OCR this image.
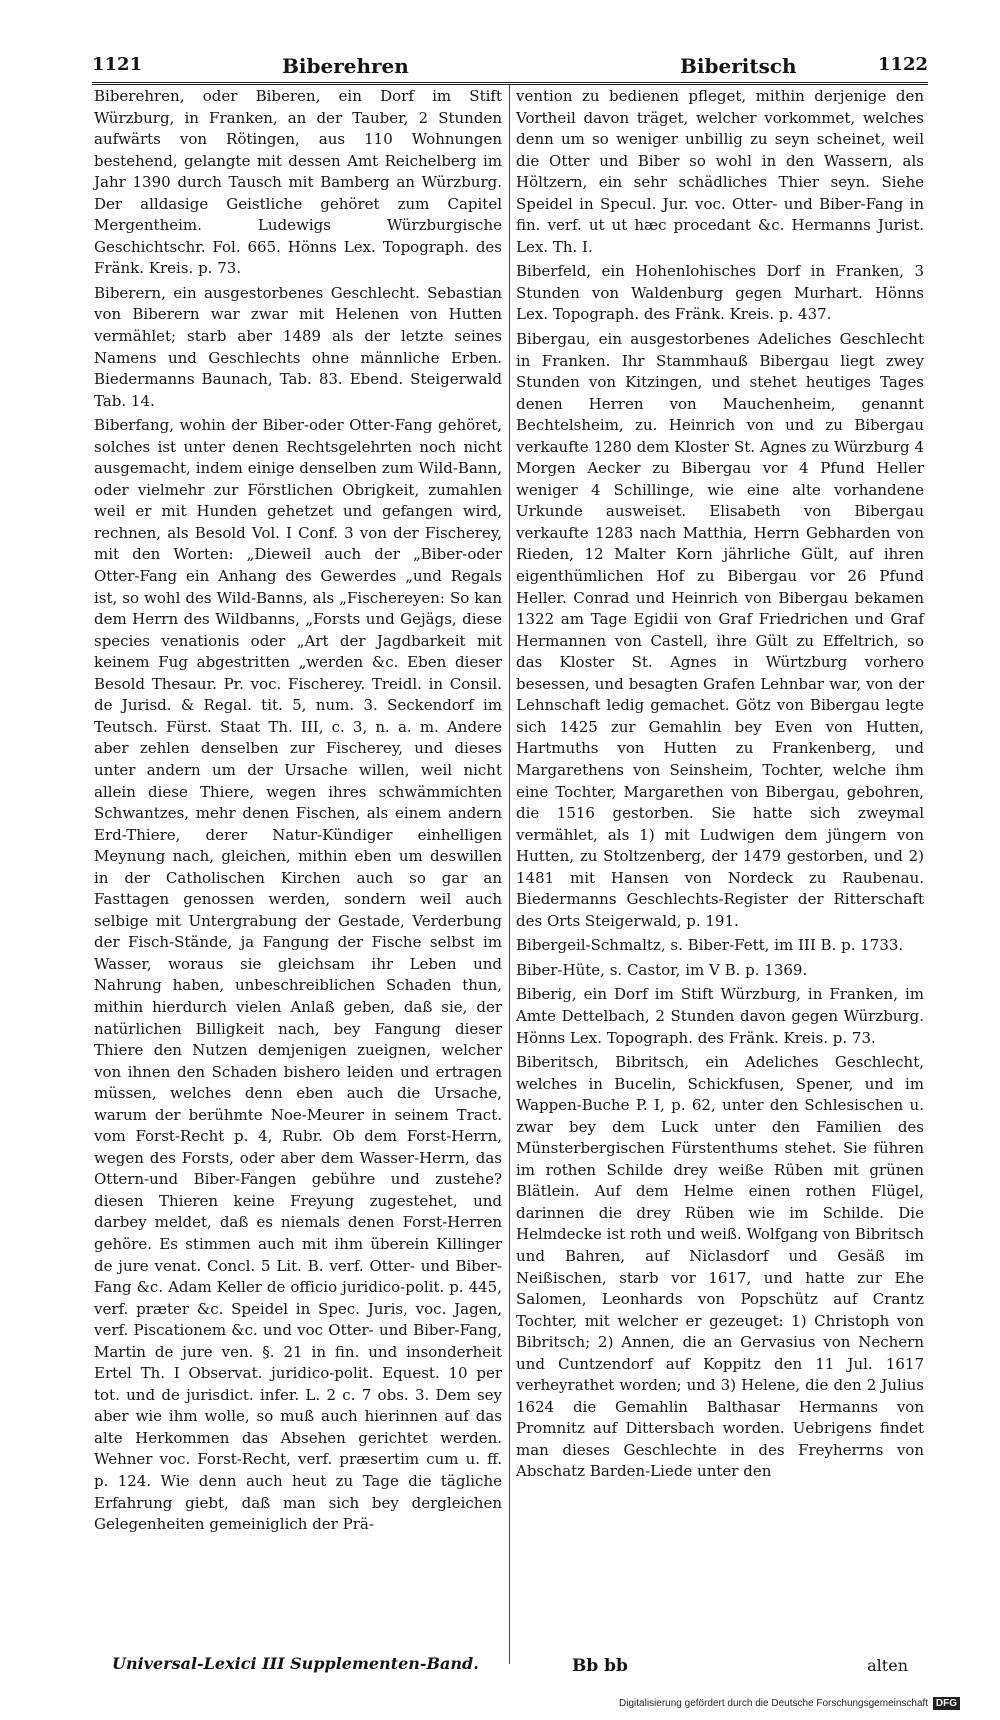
1121	Biberehren	Biberitsch	1122

Biberehren, oder Biberen, ein Dorf im Stift Würzburg, in Franken, an der Tauber, 2 Stunden aufwärts von Rötingen, aus 110 Wohnungen bestehend, gelangte mit dessen Amt Reichelberg im Jahr 1390 durch Tausch mit Bamberg an Würzburg. Der alldasige Geistliche gehöret zum Capitel Mergentheim. Ludewigs Würzburgische Geschichtschr. Fol. 665. Hönns Lex. Topograph. des Fränk. Kreis. p. 73.

Biberern, ein ausgestorbenes Geschlecht. Sebastian von Biberern war zwar mit Helenen von Hutten vermählet; starb aber 1489 als der letzte seines Namens und Geschlechts ohne männliche Erben. Biedermanns Baunach, Tab. 83. Ebend. Steigerwald Tab. 14.

Biberfang, wohin der Biber-oder Otter-Fang gehöret, solches ist unter denen Rechtsgelehrten noch nicht ausgemacht, indem einige denselben zum Wild-Bann, oder vielmehr zur Förstlichen Obrigkeit, zumahlen weil er mit Hunden gehetzet und gefangen wird, rechnen, als Besold Vol. I Conf. 3 von der Fischerey, mit den Worten: „Dieweil auch der „Biber-oder Otter-Fang ein Anhang des Gewerdes „und Regals ist, so wohl des Wild-Banns, als „Fischereyen: So kan dem Herrn des Wildbanns, „Forsts und Gejägs, diese species venationis oder „Art der Jagdbarkeit mit keinem Fug abgestritten „werden &c. Eben dieser Besold Thesaur. Pr. voc. Fischerey. Treidl. in Consil. de Jurisd. & Regal. tit. 5, num. 3. Seckendorf im Teutsch. Fürst. Staat Th. III, c. 3, n. a. m. Andere aber zehlen denselben zur Fischerey, und dieses unter andern um der Ursache willen, weil nicht allein diese Thiere, wegen ihres schwämmichten Schwantzes, mehr denen Fischen, als einem andern Erd-Thiere, derer Natur-Kündiger einhelligen Meynung nach, gleichen, mithin eben um deswillen in der Catholischen Kirchen auch so gar an Fasttagen genossen werden, sondern weil auch selbige mit Untergrabung der Gestade, Verderbung der Fisch-Stände, ja Fangung der Fische selbst im Wasser, woraus sie gleichsam ihr Leben und Nahrung haben, unbeschreiblichen Schaden thun, mithin hierdurch vielen Anlaß geben, daß sie, der natürlichen Billigkeit nach, bey Fangung dieser Thiere den Nutzen demjenigen zueignen, welcher von ihnen den Schaden bishero leiden und ertragen müssen, welches denn eben auch die Ursache, warum der berühmte Noe-Meurer in seinem Tract. vom Forst-Recht p. 4, Rubr. Ob dem Forst-Herrn, wegen des Forsts, oder aber dem Wasser-Herrn, das Ottern-und Biber-Fangen gebühre und zustehe? diesen Thieren keine Freyung zugestehet, und darbey meldet, daß es niemals denen Forst-Herren gehöre. Es stimmen auch mit ihm überein Killinger de jure venat. Concl. 5 Lit. B. verf. Otter- und Biber-Fang &c. Adam Keller de officio juridico-polit. p. 445, verf. præter &c. Speidel in Spec. Juris, voc. Jagen, verf. Piscationem &c. und voc Otter- und Biber-Fang, Martin de jure ven. §. 21 in fin. und insonderheit Ertel Th. I Observat. juridico-polit. Equest. 10 per tot. und de jurisdict. infer. L. 2 c. 7 obs. 3. Dem sey aber wie ihm wolle, so muß auch hierinnen auf das alte Herkommen das Absehen gerichtet werden. Wehner voc. Forst-Recht, verf. præsertim cum u. ff. p. 124. Wie denn auch heut zu Tage die tägliche Erfahrung giebt, daß man sich bey dergleichen Gelegenheiten gemeiniglich der Prä-

vention zu bedienen pfleget, mithin derjenige den Vortheil davon träget, welcher vorkommet, welches denn um so weniger unbillig zu seyn scheinet, weil die Otter und Biber so wohl in den Wassern, als Höltzern, ein sehr schädliches Thier seyn. Siehe Speidel in Specul. Jur. voc. Otter- und Biber-Fang in fin. verf. ut ut hæc procedant &c. Hermanns Jurist. Lex. Th. I.

Biberfeld, ein Hohenlohisches Dorf in Franken, 3 Stunden von Waldenburg gegen Murhart. Hönns Lex. Topograph. des Fränk. Kreis. p. 437.

Bibergau, ein ausgestorbenes Adeliches Geschlecht in Franken. Ihr Stammhauß Bibergau liegt zwey Stunden von Kitzingen, und stehet heutiges Tages denen Herren von Mauchenheim, genannt Bechtelsheim, zu. Heinrich von und zu Bibergau verkaufte 1280 dem Kloster St. Agnes zu Würzburg 4 Morgen Aecker zu Bibergau vor 4 Pfund Heller weniger 4 Schillinge, wie eine alte vorhandene Urkunde ausweiset. Elisabeth von Bibergau verkaufte 1283 nach Matthia, Herrn Gebharden von Rieden, 12 Malter Korn jährliche Gült, auf ihren eigenthümlichen Hof zu Bibergau vor 26 Pfund Heller. Conrad und Heinrich von Bibergau bekamen 1322 am Tage Egidii von Graf Friedrichen und Graf Hermannen von Castell, ihre Gült zu Effeltrich, so das Kloster St. Agnes in Würtzburg vorhero besessen, und besagten Grafen Lehnbar war, von der Lehnschaft ledig gemachet. Götz von Bibergau legte sich 1425 zur Gemahlin bey Even von Hutten, Hartmuths von Hutten zu Frankenberg, und Margarethens von Seinsheim, Tochter, welche ihm eine Tochter, Margarethen von Bibergau, gebohren, die 1516 gestorben. Sie hatte sich zweymal vermählet, als 1) mit Ludwigen dem jüngern von Hutten, zu Stoltzenberg, der 1479 gestorben, und 2) 1481 mit Hansen von Nordeck zu Raubenau. Biedermanns Geschlechts-Register der Ritterschaft des Orts Steigerwald, p. 191.

Bibergeil-Schmaltz, s. Biber-Fett, im III B. p. 1733.

Biber-Hüte, s. Castor, im V B. p. 1369.

Biberig, ein Dorf im Stift Würzburg, in Franken, im Amte Dettelbach, 2 Stunden davon gegen Würzburg. Hönns Lex. Topograph. des Fränk. Kreis. p. 73.

Biberitsch, Bibritsch, ein Adeliches Geschlecht, welches in Bucelin, Schickfusen, Spener, und im Wappen-Buche P. I, p. 62, unter den Schlesischen u. zwar bey dem Luck unter den Familien des Münsterbergischen Fürstenthums stehet. Sie führen im rothen Schilde drey weiße Rüben mit grünen Blätlein. Auf dem Helme einen rothen Flügel, darinnen die drey Rüben wie im Schilde. Die Helmdecke ist roth und weiß. Wolfgang von Bibritsch und Bahren, auf Niclasdorf und Gesäß im Neißischen, starb vor 1617, und hatte zur Ehe Salomen, Leonhards von Popschütz auf Crantz Tochter, mit welcher er gezeuget: 1) Christoph von Bibritsch; 2) Annen, die an Gervasius von Nechern und Cuntzendorf auf Koppitz den 11 Jul. 1617 verheyrathet worden; und 3) Helene, die den 2 Julius 1624 die Gemahlin Balthasar Hermanns von Promnitz auf Dittersbach worden. Uebrigens findet man dieses Geschlechte in des Freyherrns von Abschatz Barden-Liede unter den

Universal-Lexici III Supplementen-Band.	Bb bb	alten
Digitalisierung gefördert durch die Deutsche Forschungsgemeinschaft DFG
